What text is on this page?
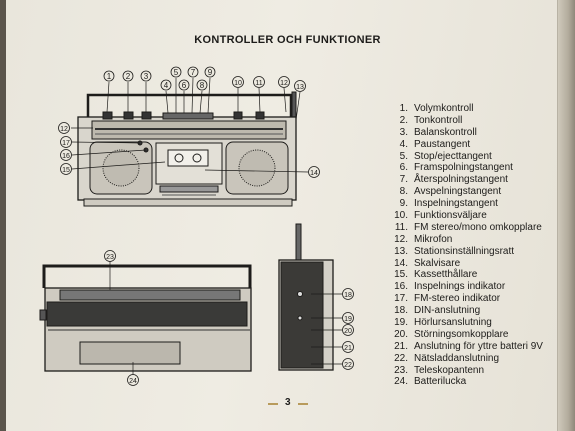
KONTROLLER OCH FUNKTIONER
1 2 3
4
5
6
7
8
9
10 11 12
12
13
14
15
16
17
18
19
20
21
22
23
24
1. Volymkontroll
2. Tonkontroll
3. Balanskontroll
4. Paustangent
5. Stop/ejecttangent
6. Framspolningstangent
7. Återspolningstangent
8. Avspelningstangent
9. Inspelningstangent
10. Funktionsväljare
11. FM stereo/mono omkopplare
12. Mikrofon
13. Stationsinställningsratt
14. Skalvisare
15. Kassetthållare
16. Inspelnings indikator
17. FM-stereo indikator
18. DIN-anslutning
19. Hörlursanslutning
20. Störningsomkopplare
21. Anslutning för yttre batteri 9V
22. Nätsladdanslutning
23. Teleskopantenn
24. Batterilucka
3
